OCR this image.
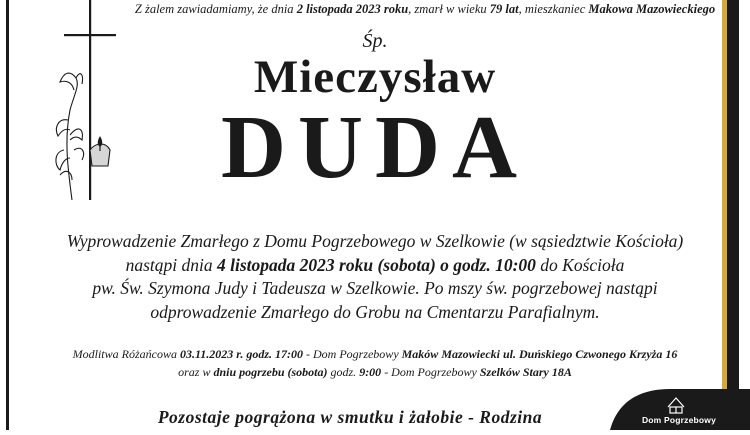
Z żalem zawiadamiamy, że dnia 2 listopada 2023 roku, zmarł w wieku 79 lat, mieszkaniec Makowa Mazowieckiego
Śp.
Mieczysław
DUDA
Wyprowadzenie Zmarłego z Domu Pogrzebowego w Szelkowie (w sąsiedztwie Kościoła)
nastąpi dnia 4 listopada 2023 roku (sobota) o godz. 10:00 do Kościoła
pw. Św. Szymona Judy i Tadeusza w Szelkowie. Po mszy św. pogrzebowej nastąpi
odprowadzenie Zmarłego do Grobu na Cmentarzu Parafialnym.
Modlitwa Różańcowa 03.11.2023 r. godz. 17:00 - Dom Pogrzebowy Maków Mazowiecki ul. Duńskiego Czwonego Krzyża 16
oraz w dniu pogrzebu (sobota) godz. 9:00 - Dom Pogrzebowy Szelków Stary 18A
Pozostaje pogrążona w smutku i żałobie - Rodzina	Dom Pogrzebowy
